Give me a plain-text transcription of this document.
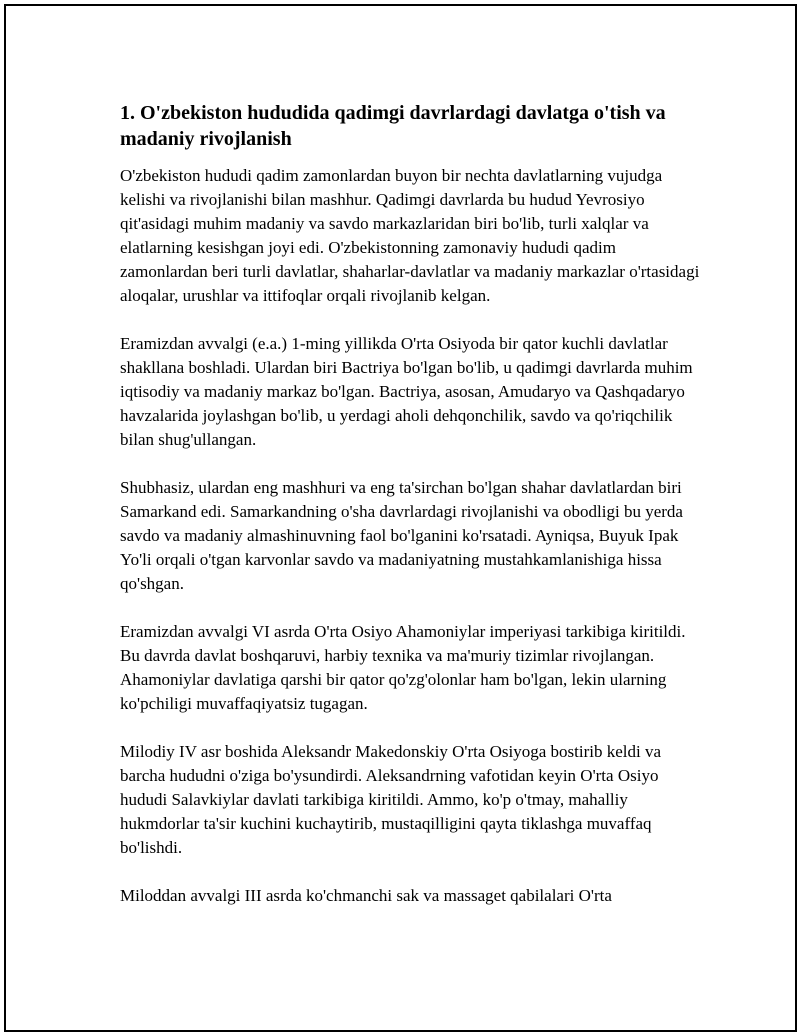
1. O'zbekiston hududida qadimgi davrlardagi davlatga o'tish va madaniy rivojlanish

O'zbekiston hududi qadim zamonlardan buyon bir nechta davlatlarning vujudga kelishi va rivojlanishi bilan mashhur. Qadimgi davrlarda bu hudud Yevrosiyo qit'asidagi muhim madaniy va savdo markazlaridan biri bo'lib, turli xalqlar va elatlarning kesishgan joyi edi. O'zbekistonning zamonaviy hududi qadim zamonlardan beri turli davlatlar, shaharlar-davlatlar va madaniy markazlar o'rtasidagi aloqalar, urushlar va ittifoqlar orqali rivojlanib kelgan.

Eramizdan avvalgi (e.a.) 1-ming yillikda O'rta Osiyoda bir qator kuchli davlatlar shakllana boshladi. Ulardan biri Bactriya bo'lgan bo'lib, u qadimgi davrlarda muhim iqtisodiy va madaniy markaz bo'lgan. Bactriya, asosan, Amudaryo va Qashqadaryo havzalarida joylashgan bo'lib, u yerdagi aholi dehqonchilik, savdo va qo'riqchilik bilan shug'ullangan.

Shubhasiz, ulardan eng mashhuri va eng ta'sirchan bo'lgan shahar davlatlardan biri Samarkand edi. Samarkandning o'sha davrlardagi rivojlanishi va obodligi bu yerda savdo va madaniy almashinuvning faol bo'lganini ko'rsatadi. Ayniqsa, Buyuk Ipak Yo'li orqali o'tgan karvonlar savdo va madaniyatning mustahkamlanishiga hissa qo'shgan.

Eramizdan avvalgi VI asrda O'rta Osiyo Ahamoniylar imperiyasi tarkibiga kiritildi. Bu davrda davlat boshqaruvi, harbiy texnika va ma'muriy tizimlar rivojlangan. Ahamoniylar davlatiga qarshi bir qator qo'zg'olonlar ham bo'lgan, lekin ularning ko'pchiligi muvaffaqiyatsiz tugagan.

Milodiy IV asr boshida Aleksandr Makedonskiy O'rta Osiyoga bostirib keldi va barcha hududni o'ziga bo'ysundirdi. Aleksandrning vafotidan keyin O'rta Osiyo hududi Salavkiylar davlati tarkibiga kiritildi. Ammo, ko'p o'tmay, mahalliy hukmdorlar ta'sir kuchini kuchaytirib, mustaqilligini qayta tiklashga muvaffaq bo'lishdi.

Miloddan avvalgi III asrda ko'chmanchi sak va massaget qabilalari O'rta
